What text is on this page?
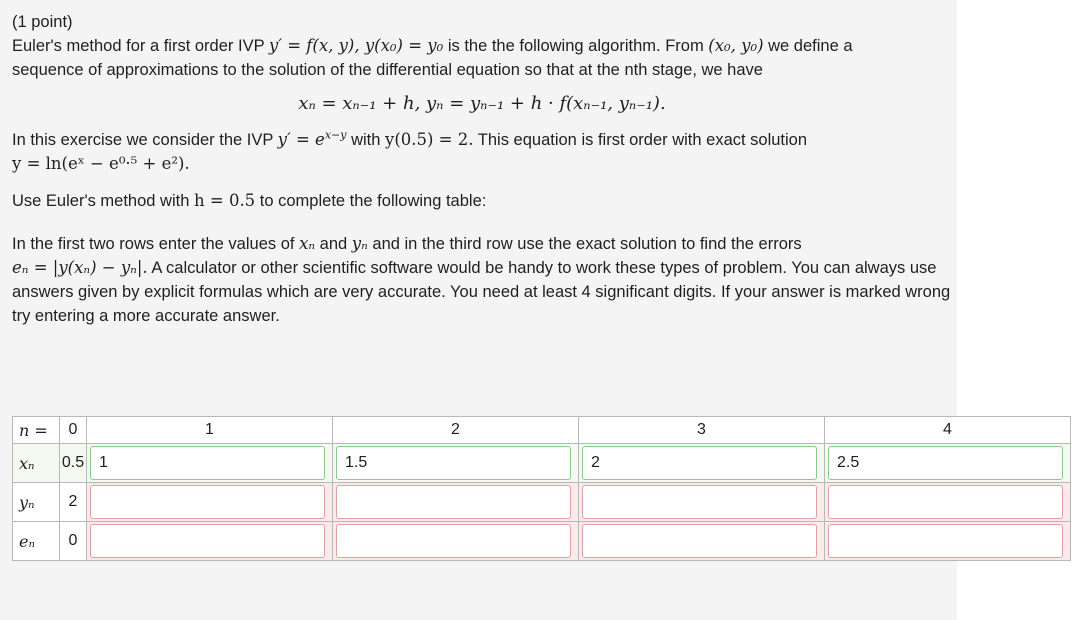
(1 point)

Euler's method for a first order IVP y′ = f(x, y), y(x₀) = y₀ is the the following algorithm. From (x₀, y₀) we define a
sequence of approximations to the solution of the differential equation so that at the nth stage, we have

xₙ = xₙ₋₁ + h, yₙ = yₙ₋₁ + h · f(xₙ₋₁, yₙ₋₁).

In this exercise we consider the IVP $y' = e^{x-y}$ with y(0.5) = 2. This equation is first order with exact solution
y = ln(eˣ − e⁰·⁵ + e²).

Use Euler's method with h = 0.5 to complete the following table:

In the first two rows enter the values of xₙ and yₙ and in the third row use the exact solution to find the errors
eₙ = |y(xₙ) − yₙ|. A calculator or other scientific software would be handy to work these types of problem. You can always use answers given by explicit formulas which are very accurate. You need at least 4 significant digits. If your answer is marked wrong try entering a more accurate answer.

n =	0	1	2	3	4
xₙ	0.5	1	1.5	2	2.5

yₙ	2	

eₙ	0	
